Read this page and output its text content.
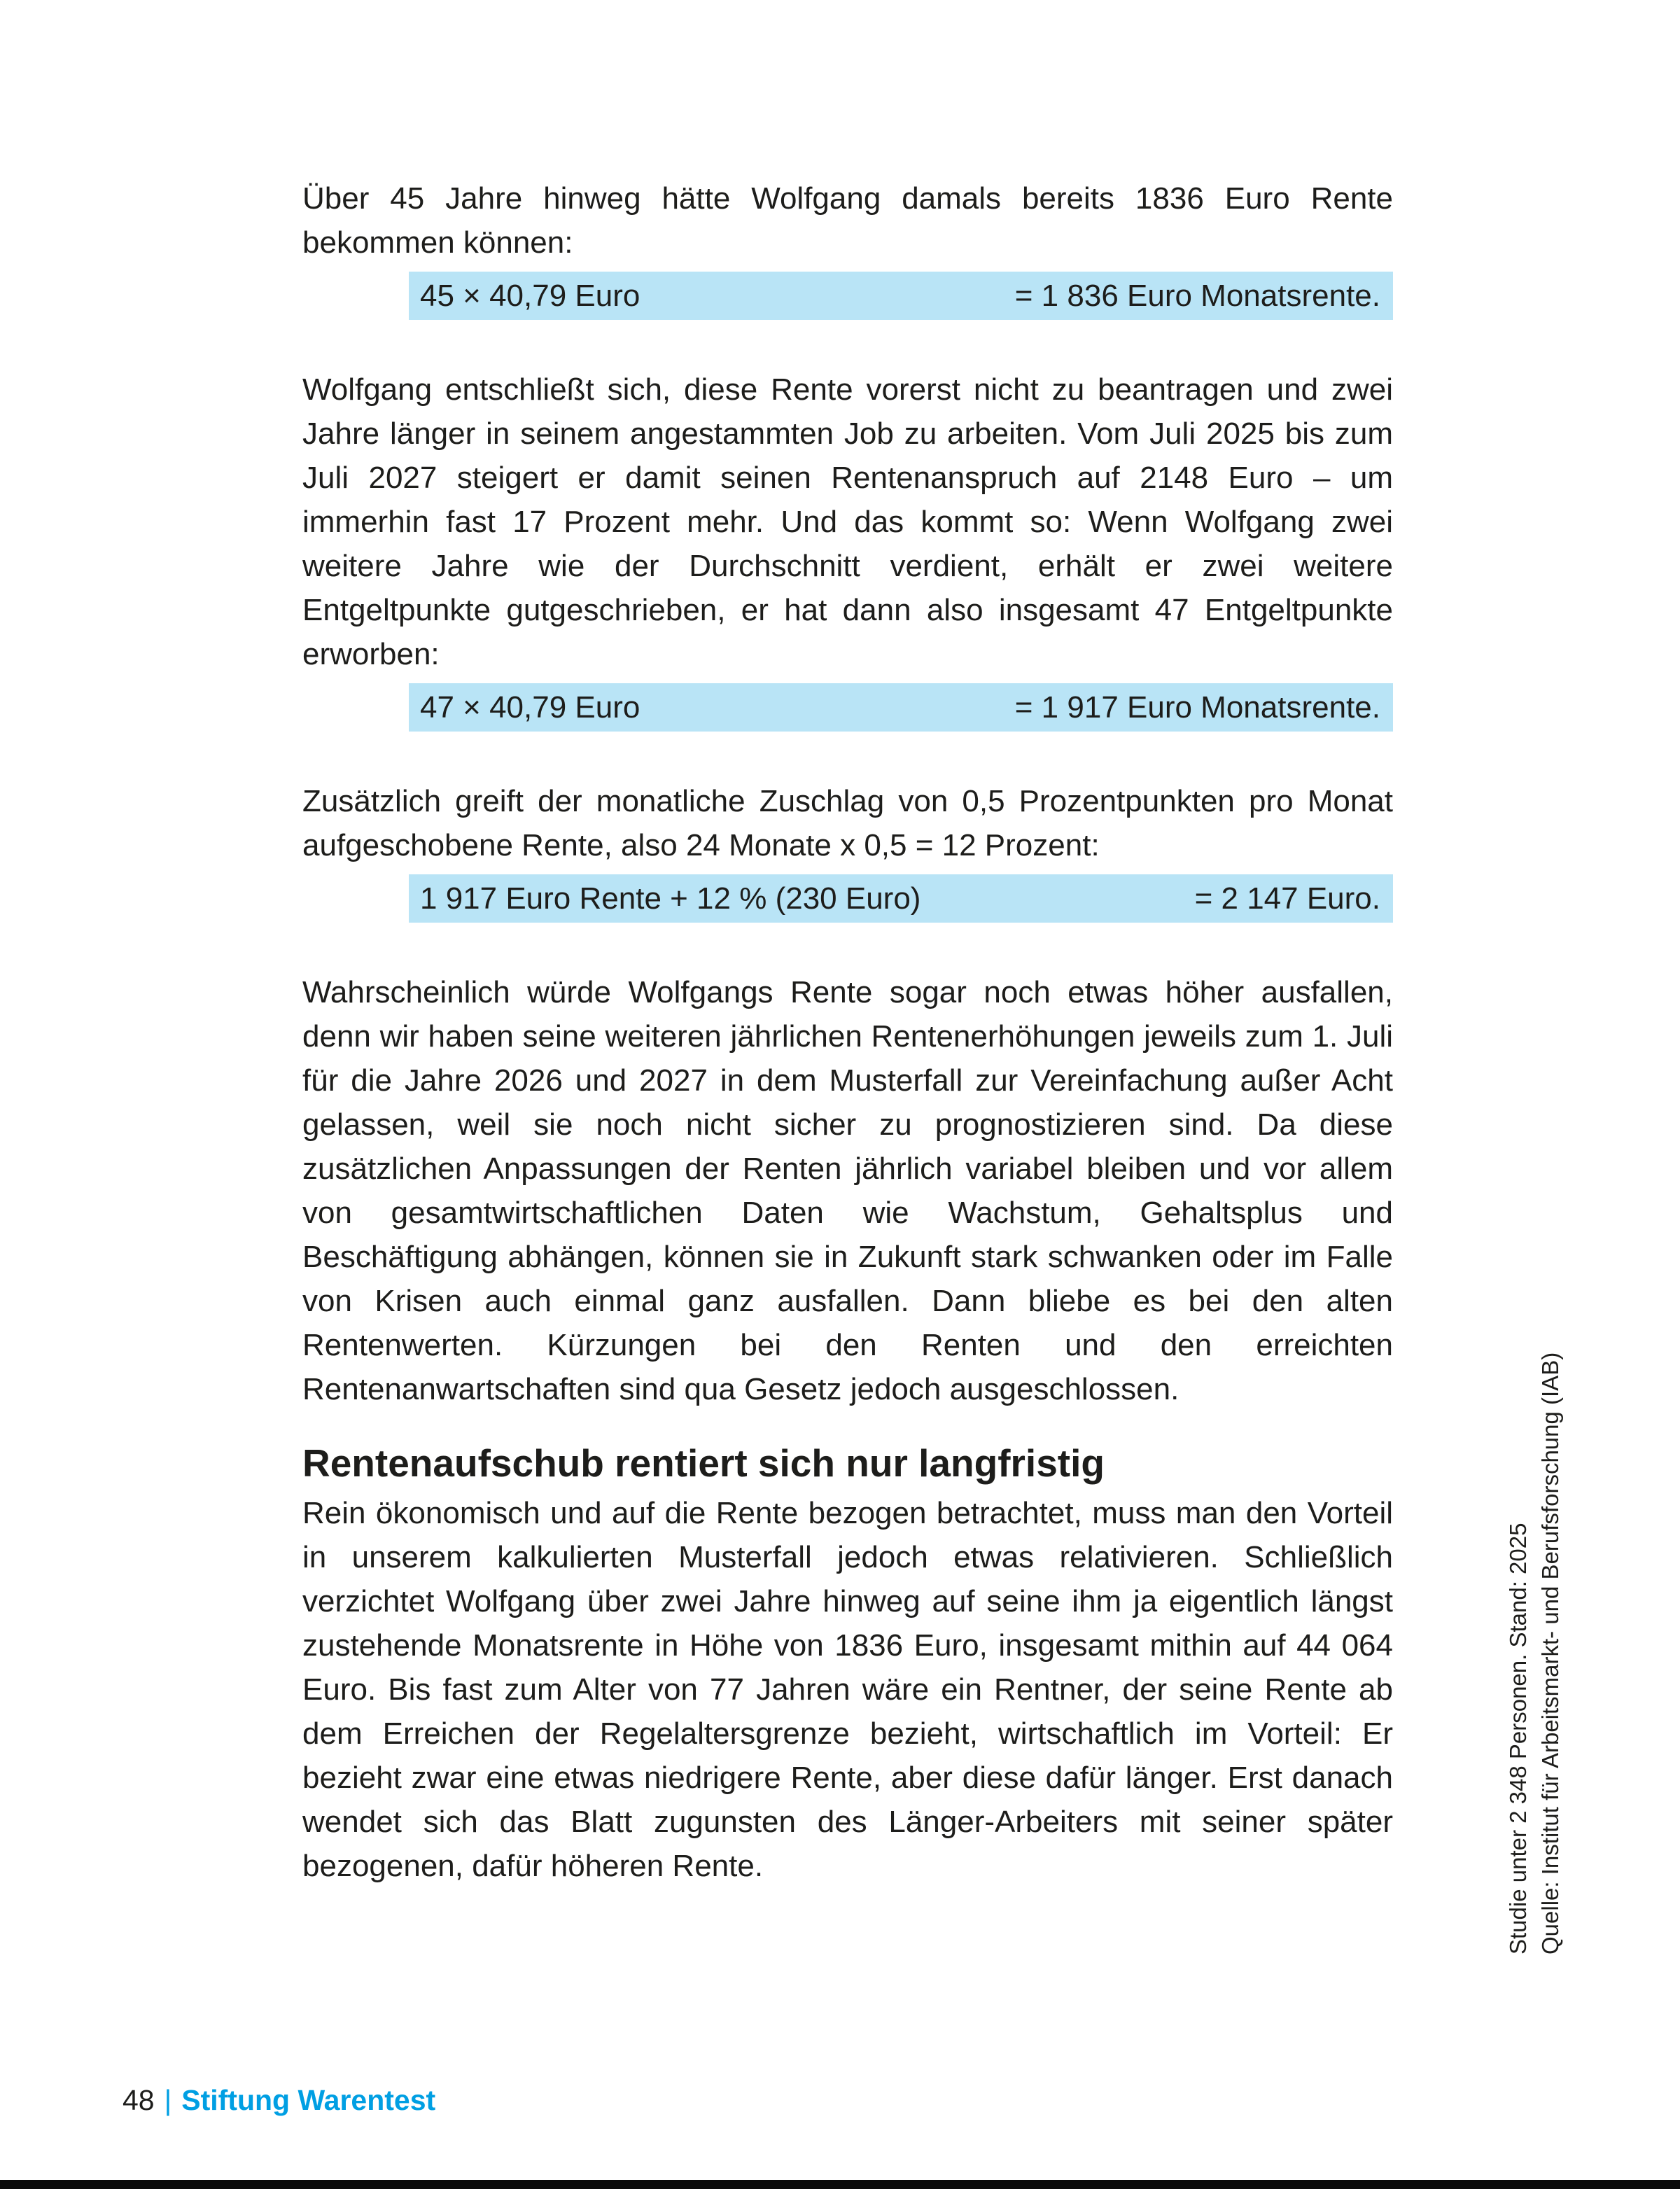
Über 45 Jahre hinweg hätte Wolfgang damals bereits 1836 Euro Rente bekommen können:

45 × 40,79 Euro	= 1 836 Euro Monatsrente.

Wolfgang entschließt sich, diese Rente vorerst nicht zu beantragen und zwei Jahre länger in seinem angestammten Job zu arbeiten. Vom Juli 2025 bis zum Juli 2027 steigert er damit seinen Rentenanspruch auf 2148 Euro – um immerhin fast 17 Prozent mehr. Und das kommt so: Wenn Wolfgang zwei weitere Jahre wie der Durchschnitt verdient, erhält er zwei weitere Entgeltpunkte gutgeschrieben, er hat dann also insgesamt 47 Entgeltpunkte erworben:

47 × 40,79 Euro	= 1 917 Euro Monatsrente.

Zusätzlich greift der monatliche Zuschlag von 0,5 Prozentpunkten pro Monat aufgeschobene Rente, also 24 Monate x 0,5 = 12 Prozent:

1 917 Euro Rente + 12 % (230 Euro)	= 2 147 Euro.

Wahrscheinlich würde Wolfgangs Rente sogar noch etwas höher ausfallen, denn wir haben seine weiteren jährlichen Rentenerhöhungen jeweils zum 1. Juli für die Jahre 2026 und 2027 in dem Musterfall zur Vereinfachung außer Acht gelassen, weil sie noch nicht sicher zu prognostizieren sind. Da diese zusätzlichen Anpassungen der Renten jährlich variabel bleiben und vor allem von gesamtwirtschaftlichen Daten wie Wachstum, Gehaltsplus und Beschäftigung abhängen, können sie in Zukunft stark schwanken oder im Falle von Krisen auch einmal ganz ausfallen. Dann bliebe es bei den alten Rentenwerten. Kürzungen bei den Renten und den erreichten Rentenanwartschaften sind qua Gesetz jedoch ausgeschlossen.

Rentenaufschub rentiert sich nur langfristig

Rein ökonomisch und auf die Rente bezogen betrachtet, muss man den Vorteil in unserem kalkulierten Musterfall jedoch etwas relativieren. Schließlich verzichtet Wolfgang über zwei Jahre hinweg auf seine ihm ja eigentlich längst zustehende Monatsrente in Höhe von 1836 Euro, insgesamt mithin auf 44 064 Euro. Bis fast zum Alter von 77 Jahren wäre ein Rentner, der seine Rente ab dem Erreichen der Regelaltersgrenze bezieht, wirtschaftlich im Vorteil: Er bezieht zwar eine etwas niedrigere Rente, aber diese dafür länger. Erst danach wendet sich das Blatt zugunsten des Länger-Arbeiters mit seiner später bezogenen, dafür höheren Rente.	Studie unter 2 348 Personen. Stand: 2025 Quelle: Institut für Arbeitsmarkt- und Berufsforschung (IAB)
48 | Stiftung Warentest
